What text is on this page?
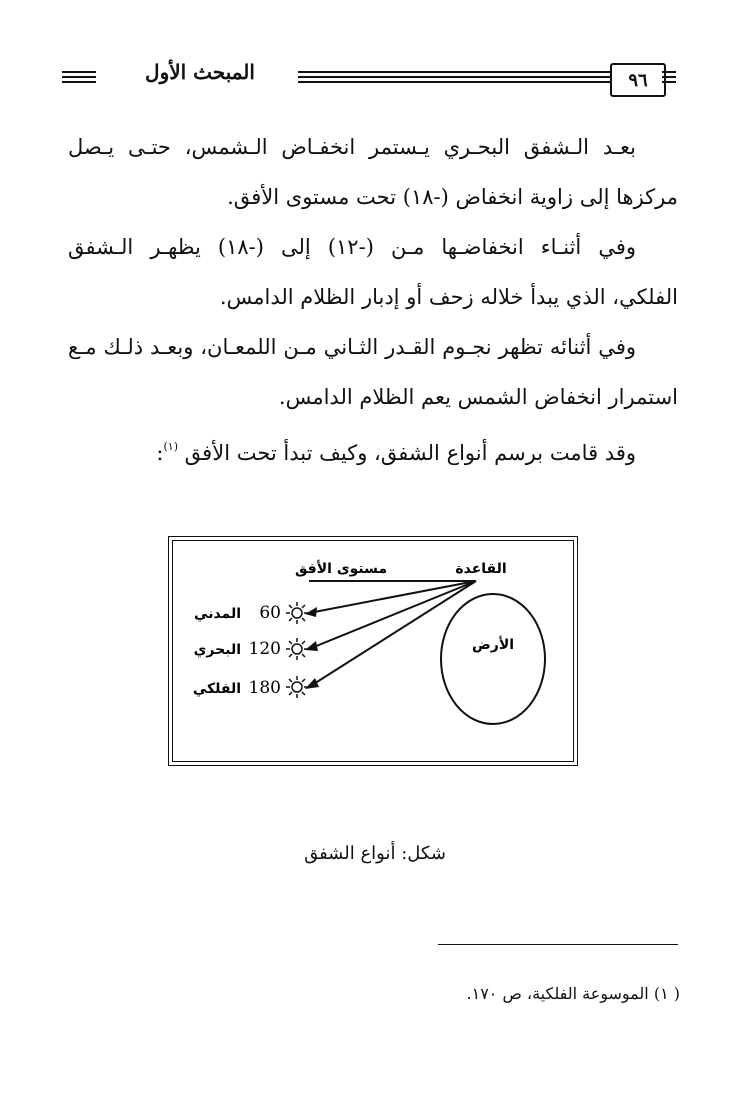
المبحث الأول	٩٦
بعـد الـشفق البحـري يـستمر انخفـاض الـشمس، حتـى يـصل
مركزها إلى زاوية انخفاض (-١٨) تحت مستوى الأفق.
وفي أثنـاء انخفاضـها مـن (-١٢) إلى (-١٨) يظهـر الـشفق
الفلكي، الذي يبدأ خلاله زحف أو إدبار الظلام الدامس.
وفي أثنائه تظهر نجـوم القـدر الثـاني مـن اللمعـان، وبعـد ذلـك مـع
استمرار انخفاض الشمس يعم الظلام الدامس.
وقد قامت برسم أنواع الشفق، وكيف تبدأ تحت الأفق $^{(١)}$:
الأرض
القاعدة
مستوى الأفق
60
المدني
120
البحري
180
الفلكي
شكل: أنواع الشفق
( ١) الموسوعة الفلكية، ص ١٧٠.
